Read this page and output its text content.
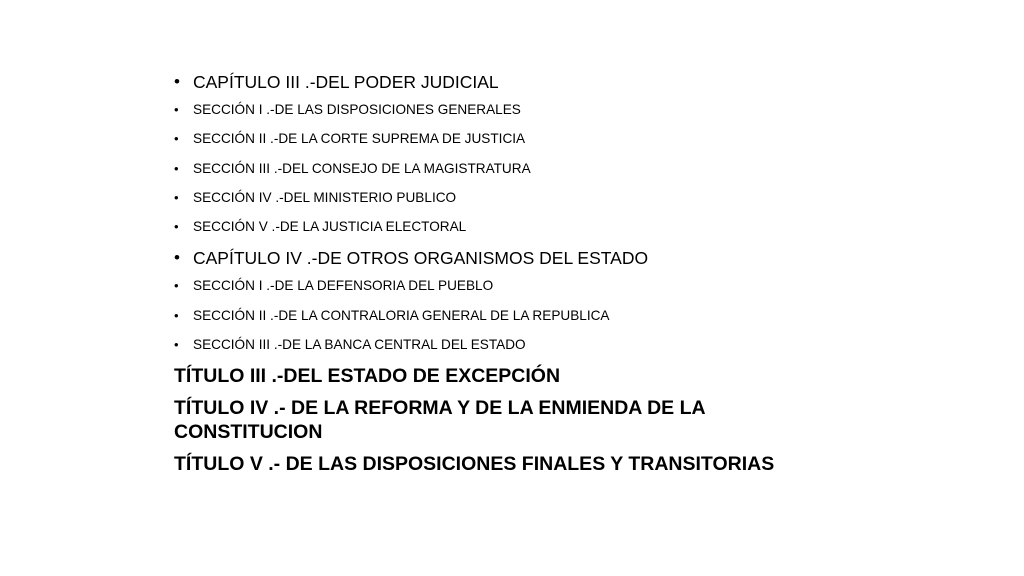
• CAPÍTULO III .-DEL PODER JUDICIAL
•	SECCIÓN I .-DE LAS DISPOSICIONES GENERALES
•	SECCIÓN II .-DE LA CORTE SUPREMA DE JUSTICIA
•	SECCIÓN III .-DEL CONSEJO DE LA MAGISTRATURA
•	SECCIÓN IV .-DEL MINISTERIO PUBLICO
•	SECCIÓN V .-DE LA JUSTICIA ELECTORAL
• CAPÍTULO IV .-DE OTROS ORGANISMOS DEL ESTADO
•	SECCIÓN I .-DE LA DEFENSORIA DEL PUEBLO
•	SECCIÓN II .-DE LA CONTRALORIA GENERAL DE LA REPUBLICA
•	SECCIÓN III .-DE LA BANCA CENTRAL DEL ESTADO
TÍTULO III .-DEL ESTADO DE EXCEPCIÓN
TÍTULO IV .- DE LA REFORMA Y DE LA ENMIENDA DE LA CONSTITUCION
TÍTULO V .- DE LAS DISPOSICIONES FINALES Y TRANSITORIAS
